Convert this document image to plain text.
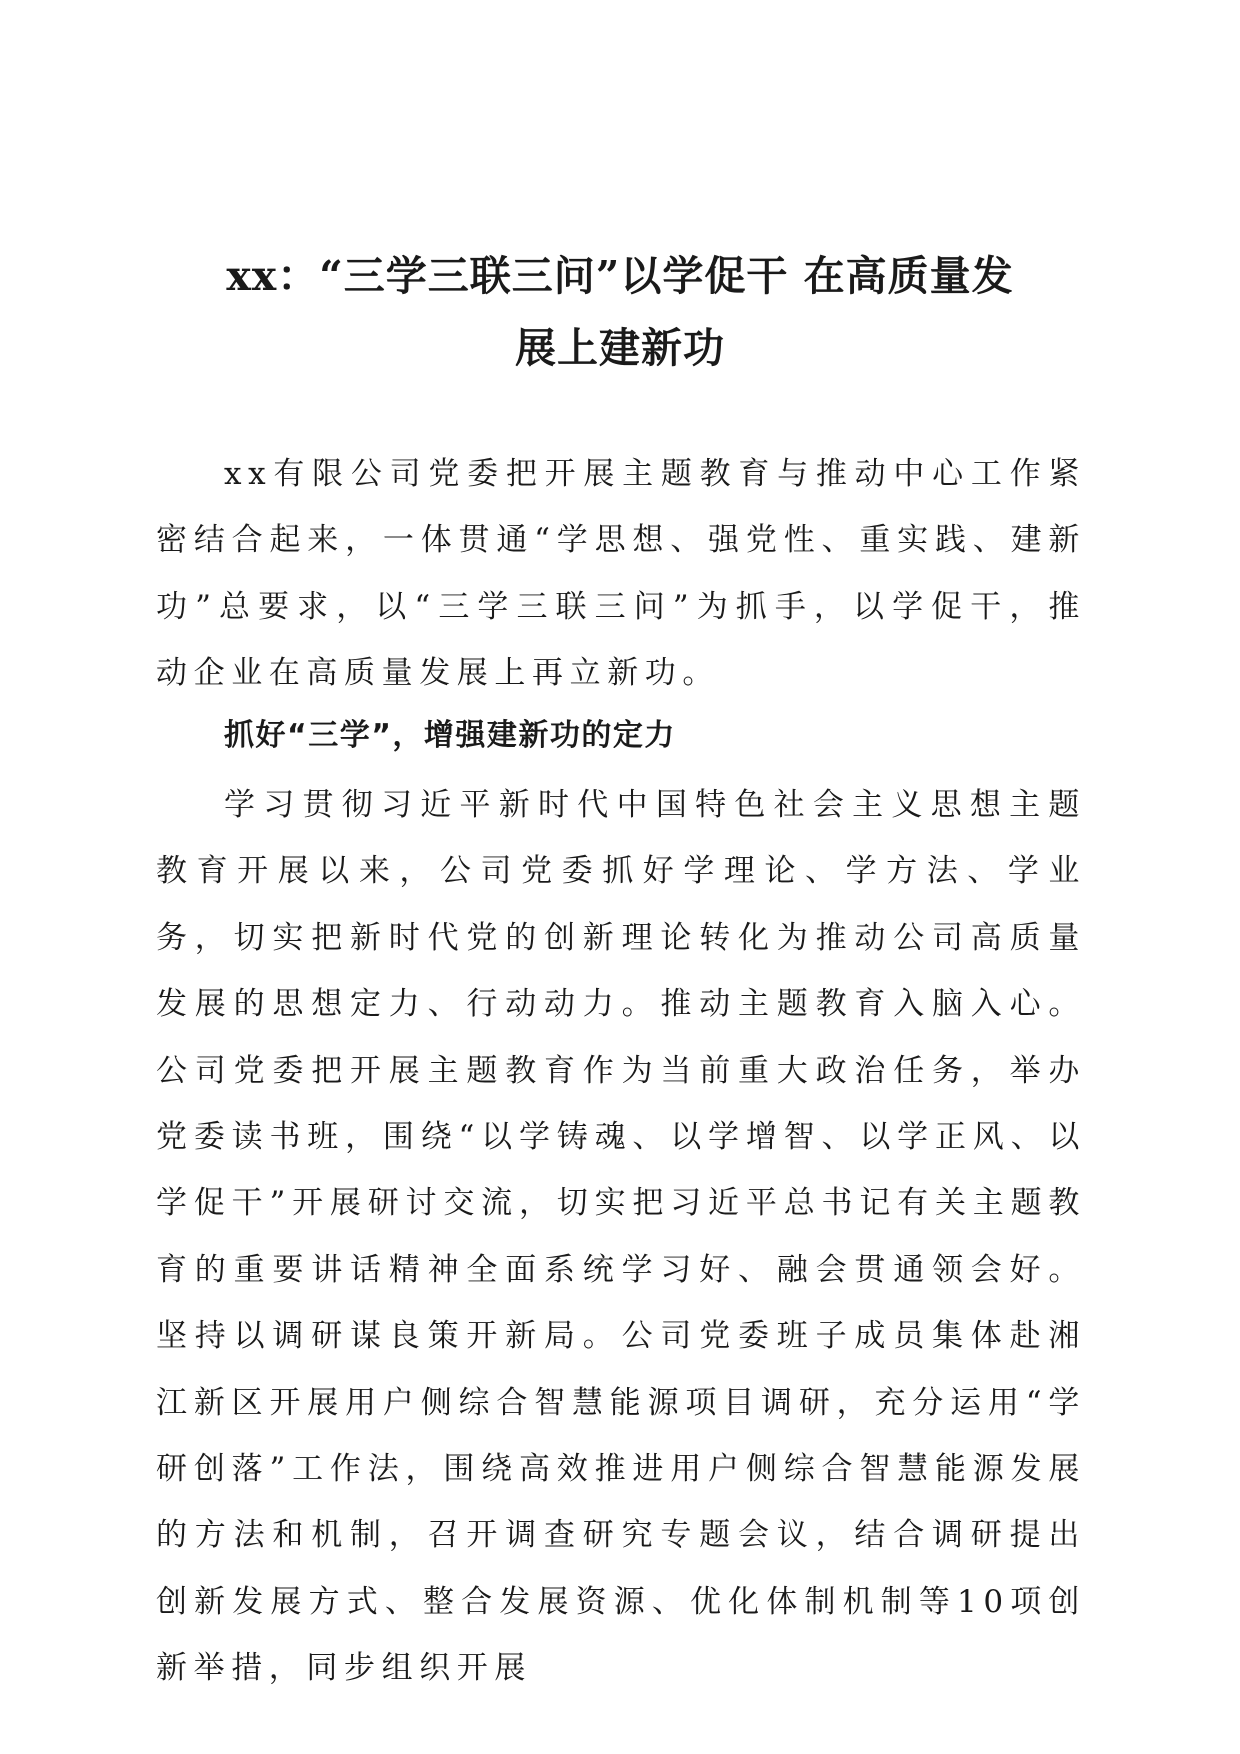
xx：“三学三联三问”以学促干 在高质量发
展上建新功

xx有限公司党委把开展主题教育与推动中心工作紧密结合起来，一体贯通“学思想、强党性、重实践、建新功”总要求，以“三学三联三问”为抓手，以学促干，推动企业在高质量发展上再立新功。

抓好“三学”，增强建新功的定力

学习贯彻习近平新时代中国特色社会主义思想主题教育开展以来，公司党委抓好学理论、学方法、学业务，切实把新时代党的创新理论转化为推动公司高质量发展的思想定力、行动动力。推动主题教育入脑入心。公司党委把开展主题教育作为当前重大政治任务，举办党委读书班，围绕“以学铸魂、以学增智、以学正风、以学促干”开展研讨交流，切实把习近平总书记有关主题教育的重要讲话精神全面系统学习好、融会贯通领会好。坚持以调研谋良策开新局。公司党委班子成员集体赴湘江新区开展用户侧综合智慧能源项目调研，充分运用“学研创落”工作法，围绕高效推进用户侧综合智慧能源发展的方法和机制，召开调查研究专题会议，结合调研提出创新发展方式、整合发展资源、优化体制机制等10项创新举措，同步组织开展
